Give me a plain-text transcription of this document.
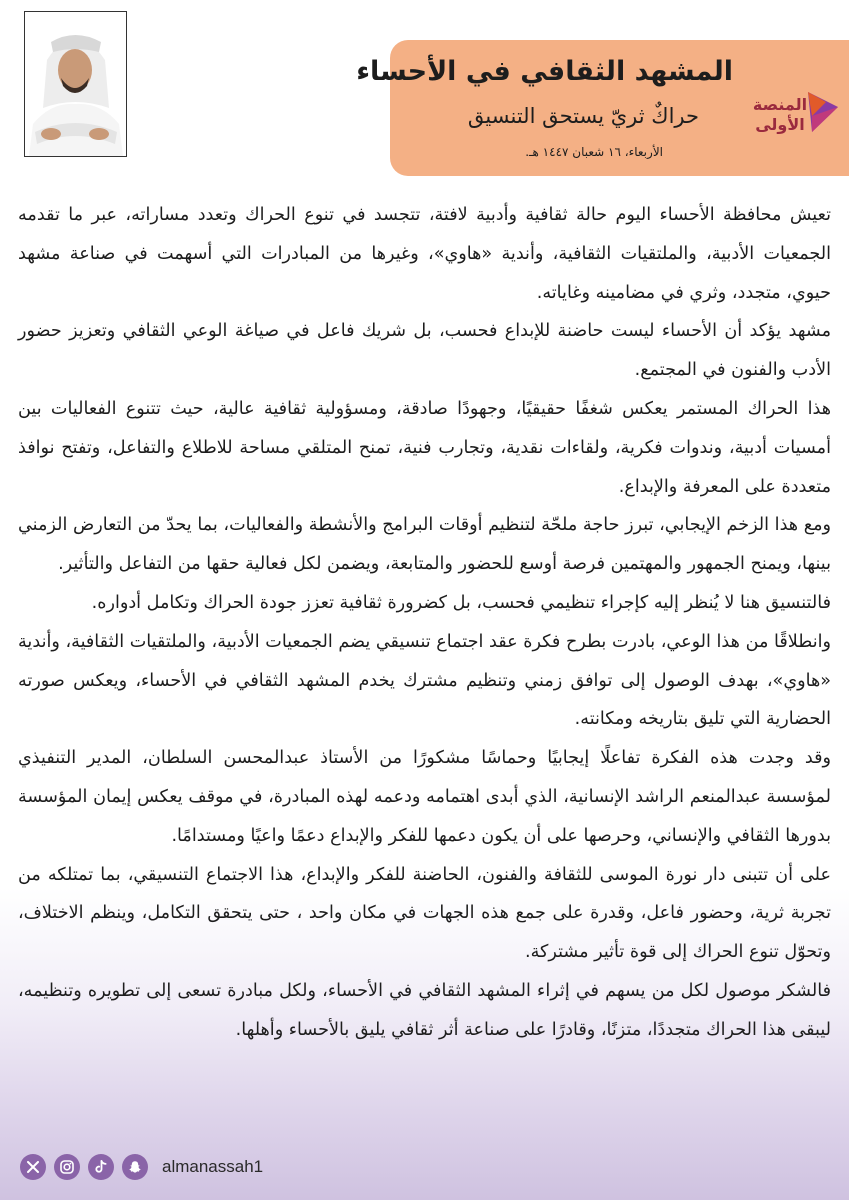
المنصة
الأولى
المشهد الثقافي في الأحساء
حراكٌ ثريّ يستحق التنسيق
الأربعاء، ١٦ شعبان ١٤٤٧ هـ.

تعيش محافظة الأحساء اليوم حالة ثقافية وأدبية لافتة، تتجسد في تنوع الحراك وتعدد مساراته، عبر ما تقدمه الجمعيات الأدبية، والملتقيات الثقافية، وأندية «هاوي»، وغيرها من المبادرات التي أسهمت في صناعة مشهد حيوي، متجدد، وثري في مضامينه وغاياته.

مشهد يؤكد أن الأحساء ليست حاضنة للإبداع فحسب، بل شريك فاعل في صياغة الوعي الثقافي وتعزيز حضور الأدب والفنون في المجتمع.

هذا الحراك المستمر يعكس شغفًا حقيقيًا، وجهودًا صادقة، ومسؤولية ثقافية عالية، حيث تتنوع الفعاليات بين أمسيات أدبية، وندوات فكرية، ولقاءات نقدية، وتجارب فنية، تمنح المتلقي مساحة للاطلاع والتفاعل، وتفتح نوافذ متعددة على المعرفة والإبداع.

ومع هذا الزخم الإيجابي، تبرز حاجة ملحّة لتنظيم أوقات البرامج والأنشطة والفعاليات، بما يحدّ من التعارض الزمني بينها، ويمنح الجمهور والمهتمين فرصة أوسع للحضور والمتابعة، ويضمن لكل فعالية حقها من التفاعل والتأثير.

فالتنسيق هنا لا يُنظر إليه كإجراء تنظيمي فحسب، بل كضرورة ثقافية تعزز جودة الحراك وتكامل أدواره.

وانطلاقًا من هذا الوعي، بادرت بطرح فكرة عقد اجتماع تنسيقي يضم الجمعيات الأدبية، والملتقيات الثقافية، وأندية «هاوي»، بهدف الوصول إلى توافق زمني وتنظيم مشترك يخدم المشهد الثقافي في الأحساء، ويعكس صورته الحضارية التي تليق بتاريخه ومكانته.

وقد وجدت هذه الفكرة تفاعلًا إيجابيًا وحماسًا مشكورًا من الأستاذ عبدالمحسن السلطان، المدير التنفيذي لمؤسسة عبدالمنعم الراشد الإنسانية، الذي أبدى اهتمامه ودعمه لهذه المبادرة، في موقف يعكس إيمان المؤسسة بدورها الثقافي والإنساني، وحرصها على أن يكون دعمها للفكر والإبداع دعمًا واعيًا ومستدامًا.

على أن تتبنى دار نورة الموسى للثقافة والفنون، الحاضنة للفكر والإبداع، هذا الاجتماع التنسيقي، بما تمتلكه من تجربة ثرية، وحضور فاعل، وقدرة على جمع هذه الجهات في مكان واحد ، حتى يتحقق التكامل، وينظم الاختلاف، وتحوّل تنوع الحراك إلى قوة تأثير مشتركة.

فالشكر موصول لكل من يسهم في إثراء المشهد الثقافي في الأحساء، ولكل مبادرة تسعى إلى تطويره وتنظيمه، ليبقى هذا الحراك متجددًا، متزنًا، وقادرًا على صناعة أثر ثقافي يليق بالأحساء وأهلها.

almanassah1
